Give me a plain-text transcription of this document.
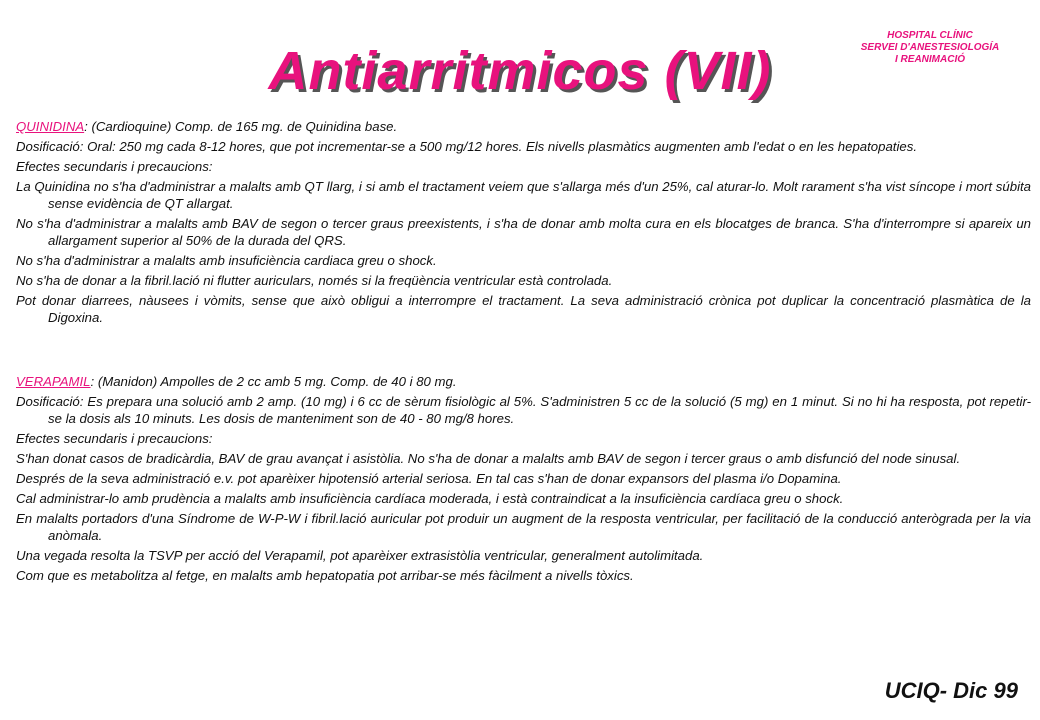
Antiarritmicos (VII)
HOSPITAL CLÍNIC
SERVEI D'ANESTESIOLOGÍA
I REANIMACIÓ
QUINIDINA: (Cardioquine) Comp. de 165 mg. de Quinidina base.
Dosificació: Oral: 250 mg cada 8-12 hores, que pot incrementar-se a 500 mg/12 hores. Els nivells plasmàtics augmenten amb l'edat o en les hepatopaties.
Efectes secundaris i precaucions:
La Quinidina no s'ha d'administrar a malalts amb QT llarg, i si amb el tractament veiem que s'allarga més d'un 25%, cal aturar-lo. Molt rarament s'ha vist síncope i mort súbita sense evidència de QT allargat.
No s'ha d'administrar a malalts amb BAV de segon o tercer graus preexistents, i s'ha de donar amb molta cura en els blocatges de branca. S'ha d'interrompre si apareix un allargament superior al 50% de la durada del QRS.
No s'ha d'administrar a malalts amb insuficiència cardiaca greu o shock.
No s'ha de donar a la fibril.lació ni flutter auriculars, només si la freqüència ventricular està controlada.
Pot donar diarrees, nàusees i vòmits, sense que això obligui a interrompre el tractament. La seva administració crònica pot duplicar la concentració plasmàtica de la Digoxina.
VERAPAMIL: (Manidon) Ampolles de 2 cc amb 5 mg. Comp. de 40 i 80 mg.
Dosificació: Es prepara una solució amb 2 amp. (10 mg) i 6 cc de sèrum fisiològic al 5%. S'administren 5 cc de la solució (5 mg) en 1 minut. Si no hi ha resposta, pot repetir-se la dosis als 10 minuts. Les dosis de manteniment son de 40 - 80 mg/8 hores.
Efectes secundaris i precaucions:
S'han donat casos de bradicàrdia, BAV de grau avançat i asistòlia. No s'ha de donar a malalts amb BAV de segon i tercer graus o amb disfunció del node sinusal.
Després de la seva administració e.v. pot aparèixer hipotensió arterial seriosa. En tal cas s'han de donar expansors del plasma i/o Dopamina.
Cal administrar-lo amb prudència a malalts amb insuficiència cardíaca moderada, i està contraindicat a la insuficiència cardíaca greu o shock.
En malalts portadors d'una Síndrome de W-P-W i fibril.lació auricular pot produir un augment de la resposta ventricular, per facilitació de la conducció anterògrada per la via anòmala.
Una vegada resolta la TSVP per acció del Verapamil, pot aparèixer extrasistòlia ventricular, generalment autolimitada.
Com que es metabolitza al fetge, en malalts amb hepatopatia pot arribar-se més fàcilment a nivells tòxics.
UCIQ- Dic 99
